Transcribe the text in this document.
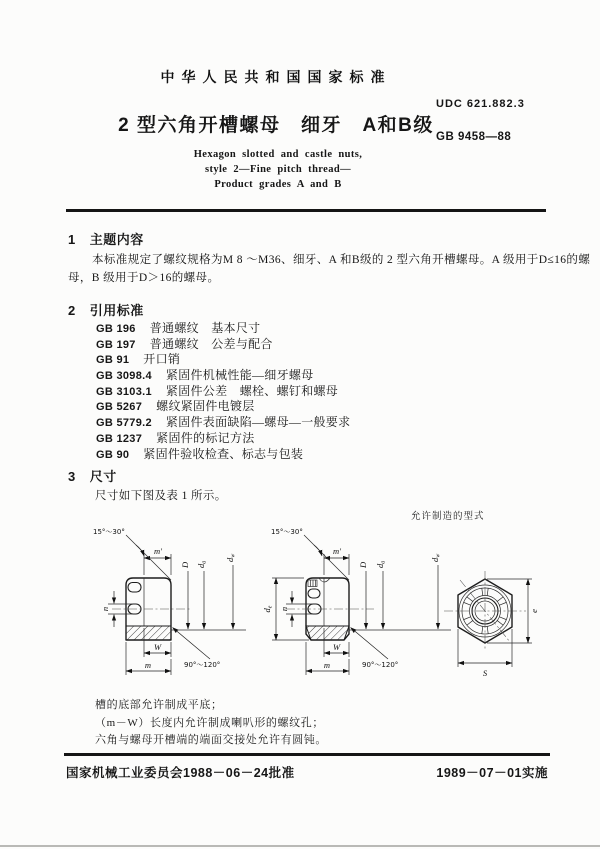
中华人民共和国国家标准
UDC 621.882.3
2 型六角开槽螺母　细牙　A和B级
GB 9458—88
Hexagon slotted and castle nuts,
style 2—Fine pitch thread—
Product grades A and B
1 主题内容
本标准规定了螺纹规格为M 8 ～M36、细牙、A 和B级的 2 型六角开槽螺母。A 级用于D≤16的螺
母，B 级用于D＞16的螺母。
2 引用标准
GB 196 普通螺纹　基本尺寸
GB 197 普通螺纹　公差与配合
GB 91 开口销
GB 3098.4 紧固件机械性能—细牙螺母
GB 3103.1 紧固件公差　螺栓、螺钉和螺母
GB 5267 螺纹紧固件电镀层
GB 5779.2 紧固件表面缺陷—螺母—一般要求
GB 1237 紧固件的标记方法
GB 90 紧固件验收检查、标志与包装
3 尺寸
尺寸如下图及表 1 所示。
允许制造的型式
n
m′
15°～30°
D da
dw
90°～120°
W
m
de n
m′
15°～30°
D da
dw
90°～120°
W
m
e
S
槽的底部允许制成平底；
（m－W）长度内允许制成喇叭形的螺纹孔；
六角与螺母开槽端的端面交接处允许有圆钝。
国家机械工业委员会1988－06－24批准	1989－07－01实施
